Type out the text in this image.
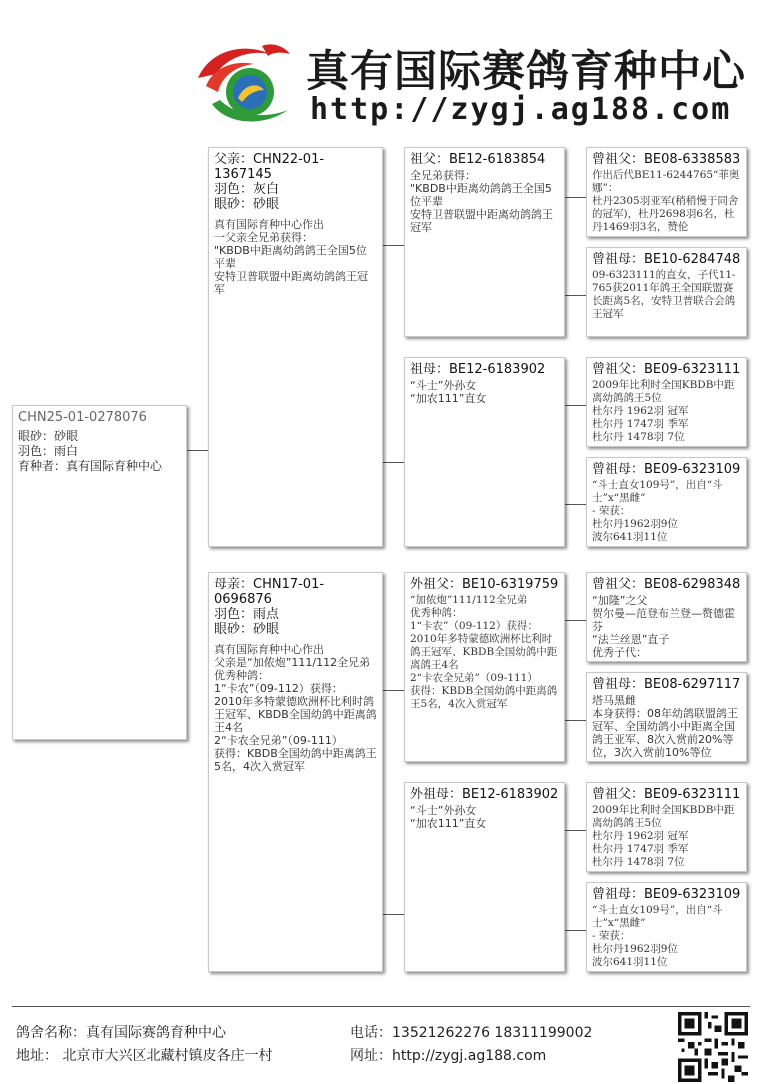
真有国际赛鸽育种中心
http://zygj.ag188.com
CHN25-01-0278076
眼砂：砂眼
羽色：雨白
育种者：真有国际育种中心
父亲：CHN22-01-1367145
羽色：灰白
眼砂：砂眼
真有国际育种中心作出
一父亲全兄弟获得：
"KBDB中距离幼鸽鸽王全国5位平辈
安特卫普联盟中距离幼鸽鸽王冠军
母亲：CHN17-01-0696876
羽色：雨点
眼砂：砂眼
真有国际育种中心作出
父亲是“加侬炮”111/112全兄弟
优秀种鸽：
1“卡农”（09-112）获得：
2010年多特蒙德欧洲杯比利时鸽王冠军、KBDB全国幼鸽中距离鸽王4名
2“卡农全兄弟”（09-111）
获得：KBDB全国幼鸽中距离鸽王5名，4次入赏冠军
祖父：BE12-6183854
全兄弟获得：
"KBDB中距离幼鸽鸽王全国5位平辈
安特卫普联盟中距离幼鸽鸽王冠军
祖母：BE12-6183902
“斗士”外孙女
“加农111”直女
外祖父：BE10-6319759
“加侬炮”111/112全兄弟
优秀种鸽：
1“卡农”（09-112）获得：
2010年多特蒙德欧洲杯比利时鸽王冠军、KBDB全国幼鸽中距离鸽王4名
2“卡农全兄弟”（09-111）
获得：KBDB全国幼鸽中距离鸽王5名，4次入赏冠军
外祖母：BE12-6183902
“斗士”外孙女
“加农111”直女
曾祖父：BE08-6338583
作出后代BE11-6244765“菲奥娜”：
杜丹2305羽亚军(稍稍慢于同舍的冠军)，杜丹2698羽6名，杜丹1469羽3名，赞伦
曾祖母：BE10-6284748
09-6323111的直女，子代11-765获2011年鸽王全国联盟赛长距离5名，安特卫普联合会鸽王冠军
曾祖父：BE09-6323111
2009年比利时全国KBDB中距离幼鸽鸽王5位
杜尔丹 1962羽 冠军
杜尔丹 1747羽 季军
杜尔丹 1478羽 7位
曾祖母：BE09-6323109
“斗士直女109号”，出自“斗士”x“黑雌”
- 荣获：
杜尔丹1962羽9位
波尔641羽11位
曾祖父：BE08-6298348
“加隆”之父
贺尔曼—范登布兰登—赘德霍芬
“法兰丝恩”直子
优秀子代：
曾祖母：BE08-6297117
塔马黑雌
本身获得：08年幼鸽联盟鸽王冠军、全国幼鸽小中距离全国鸽王亚军、8次入赏前20%等位，3次入赏前10%等位
曾祖父：BE09-6323111
2009年比利时全国KBDB中距离幼鸽鸽王5位
杜尔丹 1962羽 冠军
杜尔丹 1747羽 季军
杜尔丹 1478羽 7位
曾祖母：BE09-6323109
“斗士直女109号”，出自“斗士”x“黑雌”
- 荣获：
杜尔丹1962羽9位
波尔641羽11位
鸽舍名称：真有国际赛鸽育种中心
地址： 北京市大兴区北藏村镇皮各庄一村
电话：13521262276 18311199002
网址：http://zygj.ag188.com
